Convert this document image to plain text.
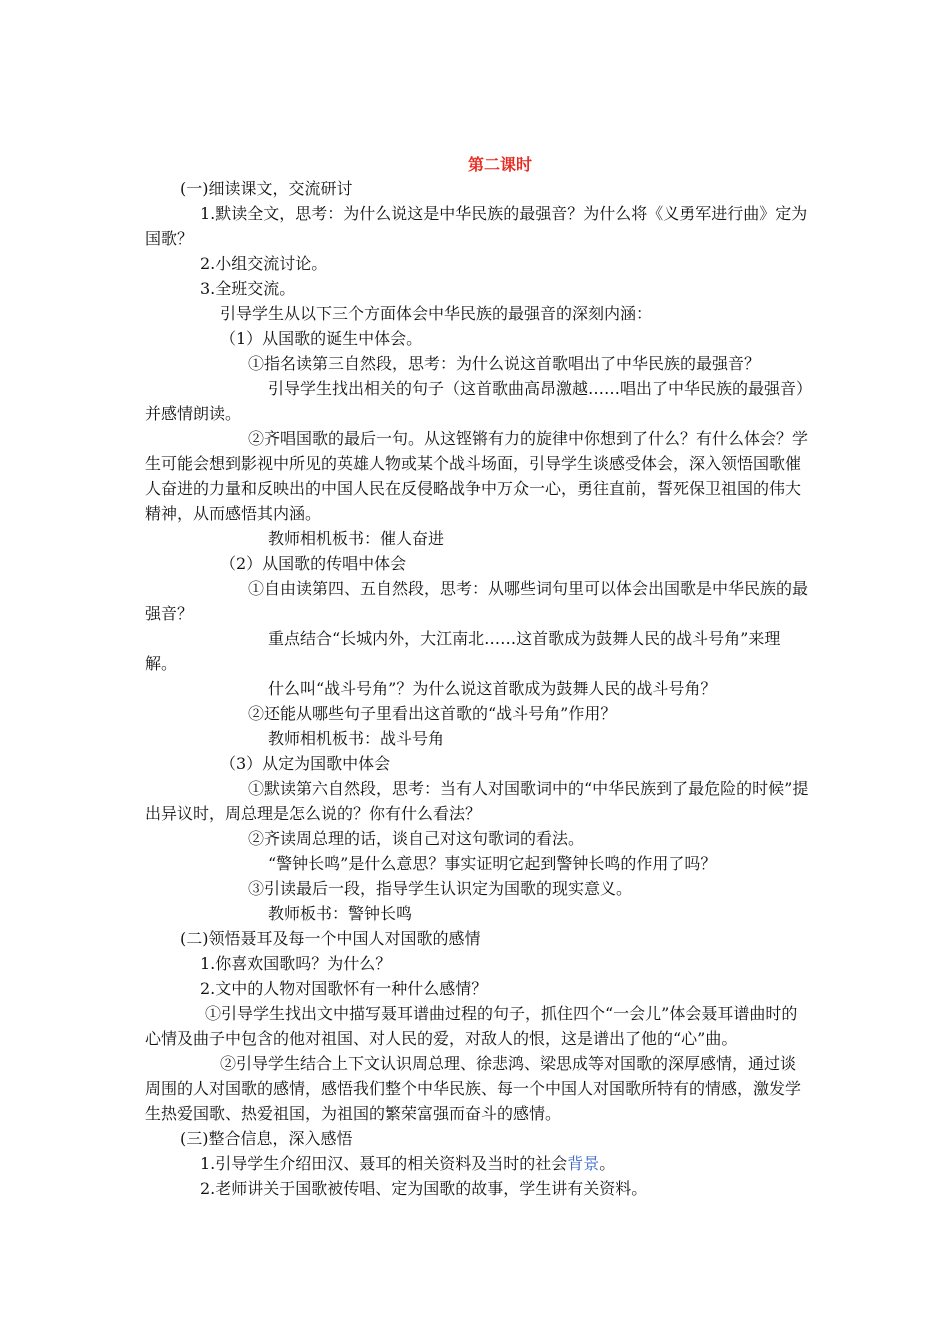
第二课时

(一)细读课文，交流研讨

1.默读全文，思考：为什么说这是中华民族的最强音？为什么将《义勇军进行曲》定为国歌？

2.小组交流讨论。

3.全班交流。

引导学生从以下三个方面体会中华民族的最强音的深刻内涵：

（1）从国歌的诞生中体会。

①指名读第三自然段，思考：为什么说这首歌唱出了中华民族的最强音？

引导学生找出相关的句子（这首歌曲高昂激越……唱出了中华民族的最强音）并感情朗读。

②齐唱国歌的最后一句。从这铿锵有力的旋律中你想到了什么？有什么体会？学生可能会想到影视中所见的英雄人物或某个战斗场面，引导学生谈感受体会，深入领悟国歌催人奋进的力量和反映出的中国人民在反侵略战争中万众一心，勇往直前，誓死保卫祖国的伟大精神，从而感悟其内涵。

教师相机板书：催人奋进

（2）从国歌的传唱中体会

①自由读第四、五自然段，思考：从哪些词句里可以体会出国歌是中华民族的最强音？

重点结合“长城内外，大江南北……这首歌成为鼓舞人民的战斗号角”来理解。

什么叫“战斗号角”？为什么说这首歌成为鼓舞人民的战斗号角？

②还能从哪些句子里看出这首歌的“战斗号角”作用？

教师相机板书：战斗号角

（3）从定为国歌中体会

①默读第六自然段，思考：当有人对国歌词中的“中华民族到了最危险的时候”提出异议时，周总理是怎么说的？你有什么看法？

②齐读周总理的话，谈自己对这句歌词的看法。

“警钟长鸣”是什么意思？事实证明它起到警钟长鸣的作用了吗？

③引读最后一段，指导学生认识定为国歌的现实意义。

教师板书：警钟长鸣

(二)领悟聂耳及每一个中国人对国歌的感情

1.你喜欢国歌吗？为什么？

2.文中的人物对国歌怀有一种什么感情？

①引导学生找出文中描写聂耳谱曲过程的句子，抓住四个“一会儿”体会聂耳谱曲时的心情及曲子中包含的他对祖国、对人民的爱，对敌人的恨，这是谱出了他的“心”曲。

②引导学生结合上下文认识周总理、徐悲鸿、梁思成等对国歌的深厚感情，通过谈周围的人对国歌的感情，感悟我们整个中华民族、每一个中国人对国歌所特有的情感，激发学生热爱国歌、热爱祖国，为祖国的繁荣富强而奋斗的感情。

(三)整合信息，深入感悟

1.引导学生介绍田汉、聂耳的相关资料及当时的社会背景。

2.老师讲关于国歌被传唱、定为国歌的故事，学生讲有关资料。
